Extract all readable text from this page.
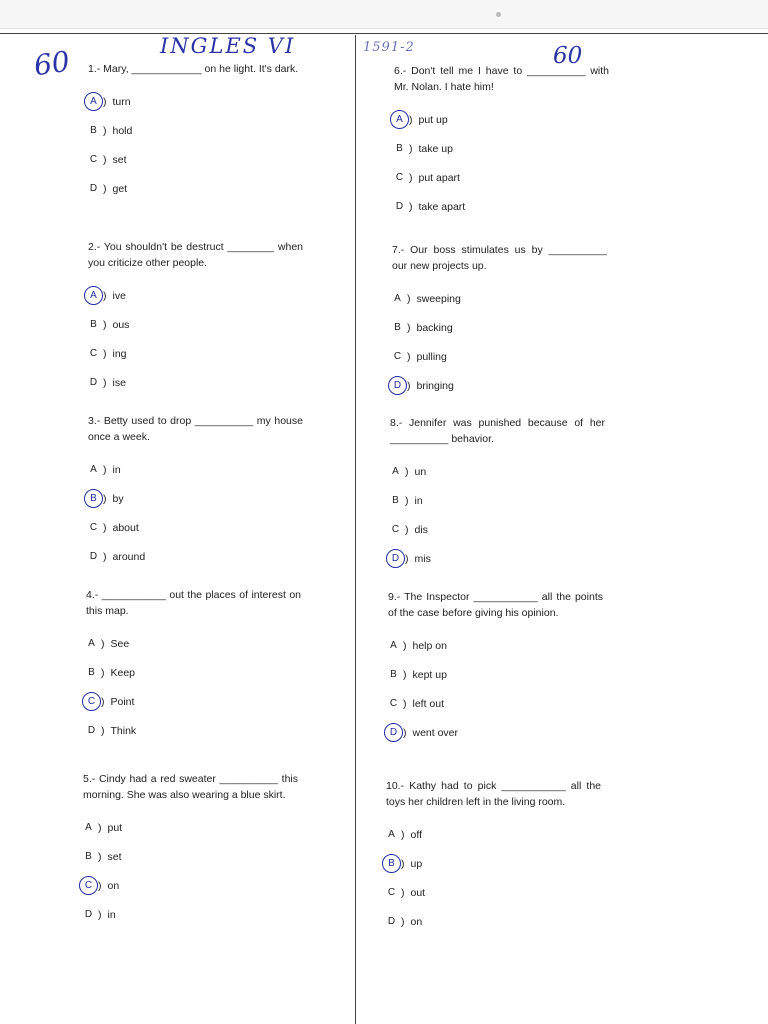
60	INGLES VI	1591-2	60

1.- Mary, ____________ on he light. It's dark.

A ) turn
B ) hold
C ) set
D ) get

2.- You shouldn't be destruct ________ when you criticize other people.

A ) ive
B ) ous
C ) ing
D ) ise

3.- Betty used to drop __________ my house once a week.

A ) in
B ) by
C ) about
D ) around

4.- ___________ out the places of interest on this map.

A ) See
B ) Keep
C ) Point
D ) Think

5.- Cindy had a red sweater __________ this morning. She was also wearing a blue skirt.

A ) put
B ) set
C ) on
D ) in

6.- Don't tell me I have to __________ with Mr. Nolan. I hate him!

A ) put up
B ) take up
C ) put apart
D ) take apart

7.- Our boss stimulates us by __________ our new projects up.

A ) sweeping
B ) backing
C ) pulling
D ) bringing

8.- Jennifer was punished because of her __________ behavior.

A ) un
B ) in
C ) dis
D ) mis

9.- The Inspector ___________ all the points of the case before giving his opinion.

A ) help on
B ) kept up
C ) left out
D ) went over

10.- Kathy had to pick ___________ all the toys her children left in the living room.

A ) off
B ) up
C ) out
D ) on
